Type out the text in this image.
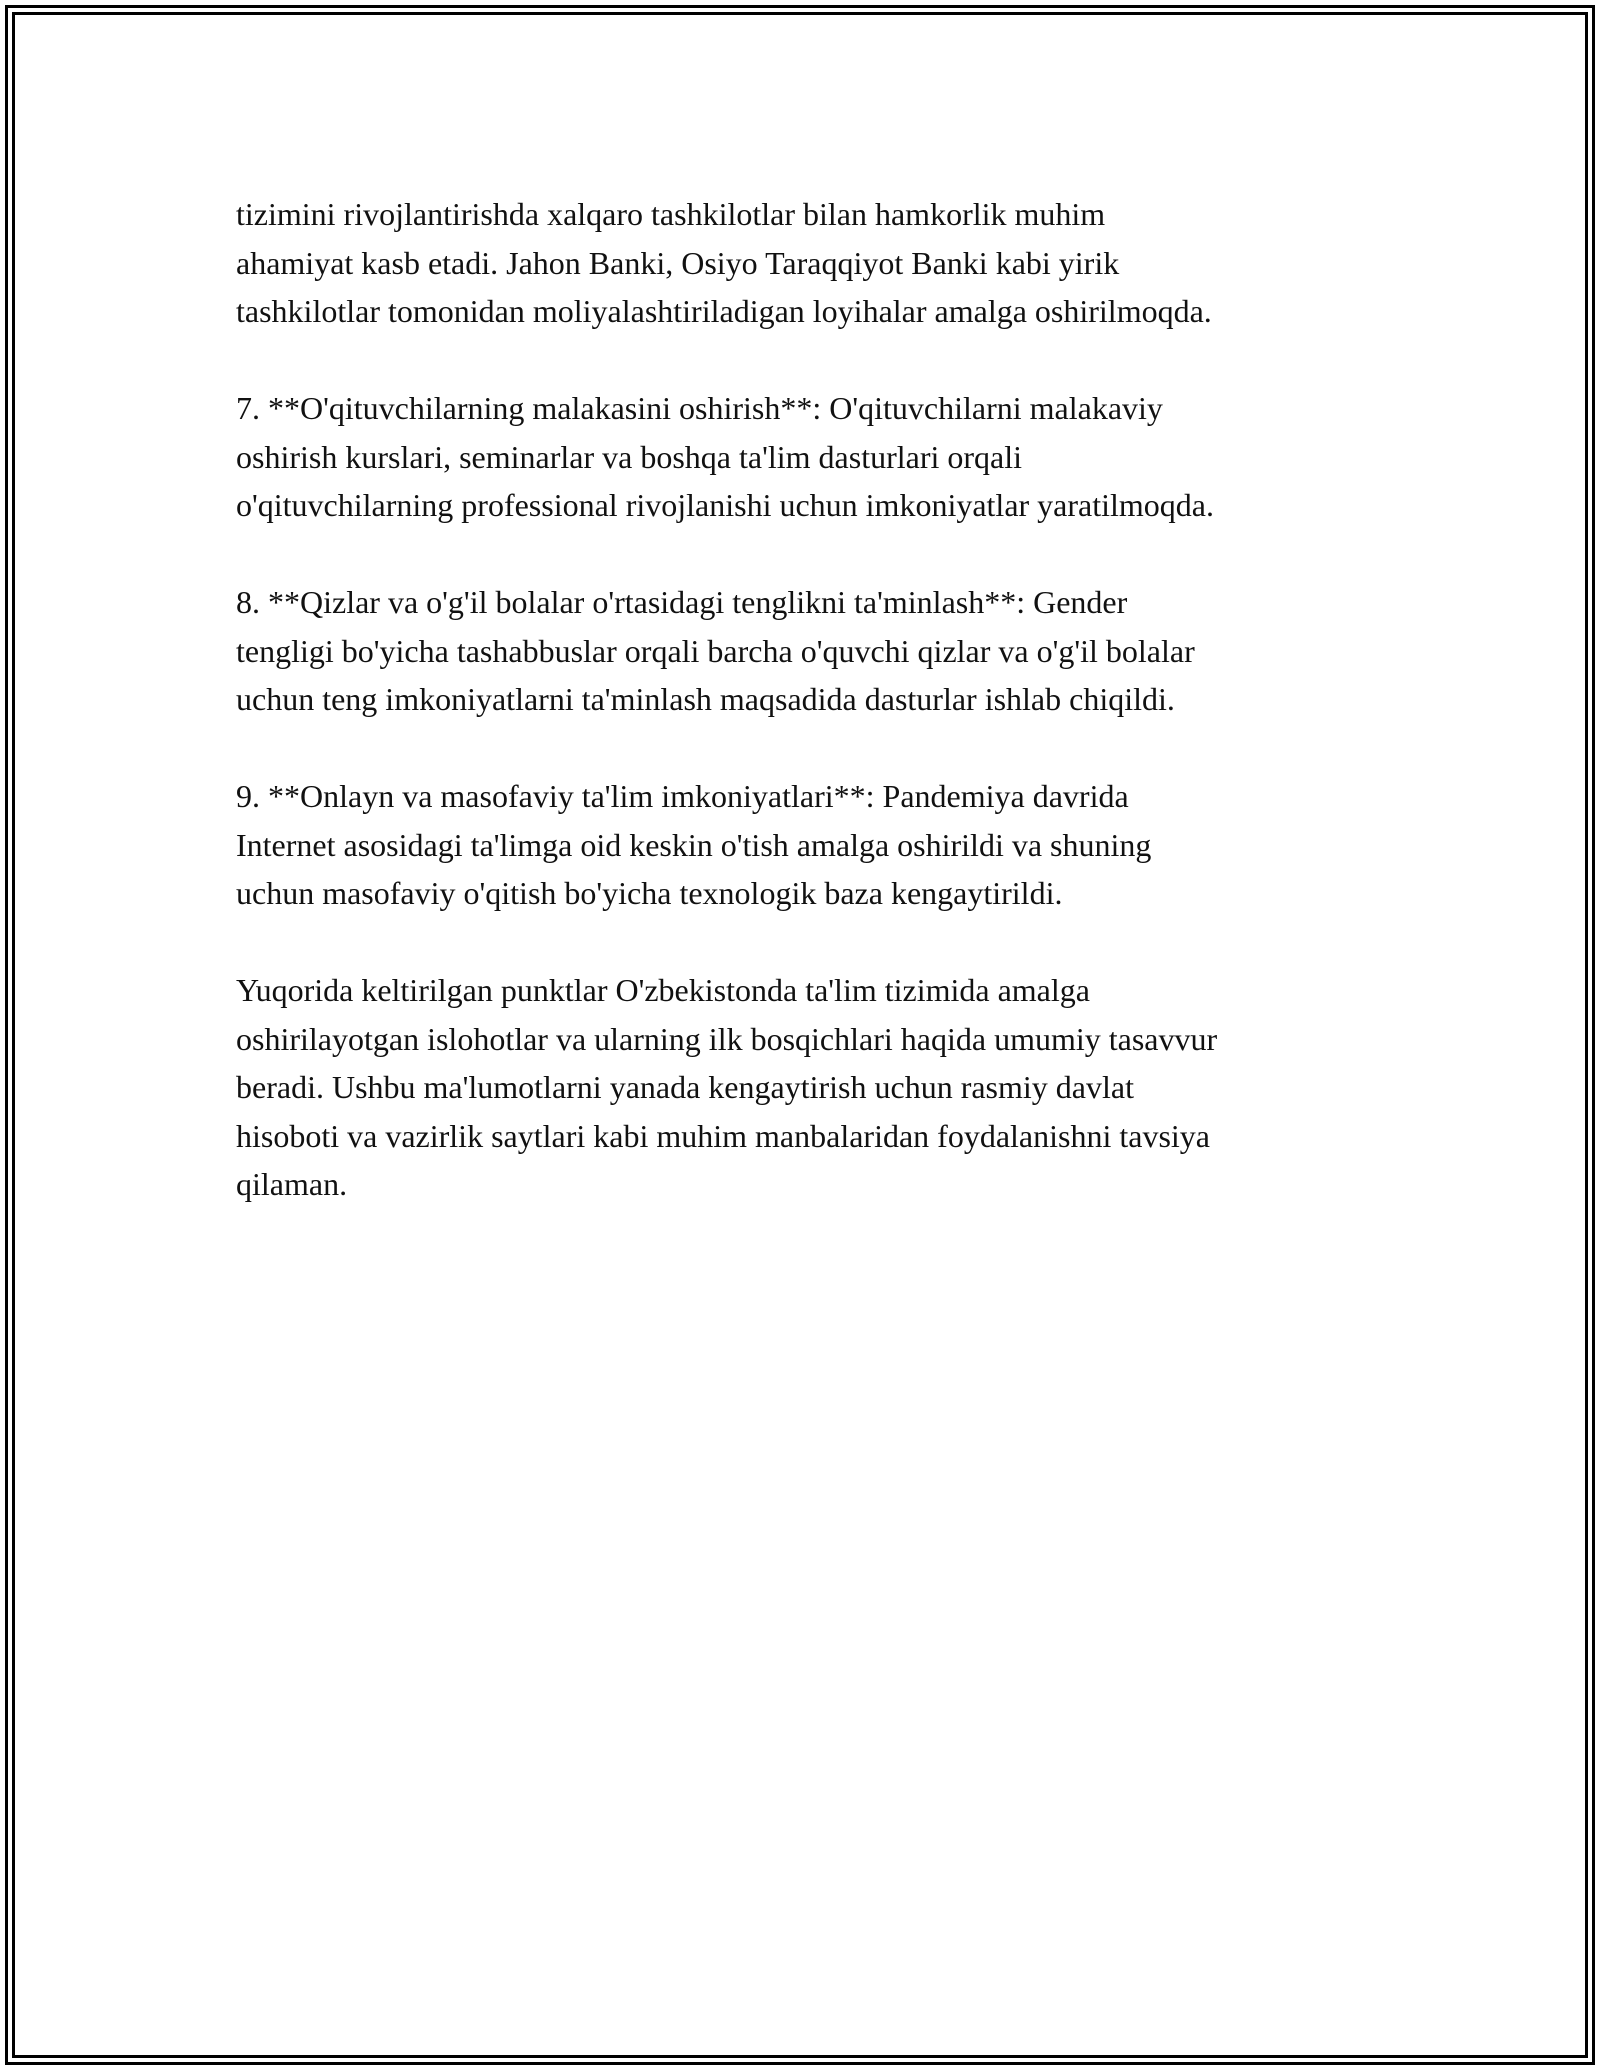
tizimini rivojlantirishda xalqaro tashkilotlar bilan hamkorlik muhim
ahamiyat kasb etadi. Jahon Banki, Osiyo Taraqqiyot Banki kabi yirik
tashkilotlar tomonidan moliyalashtiriladigan loyihalar amalga oshirilmoqda.

7. **O'qituvchilarning malakasini oshirish**: O'qituvchilarni malakaviy
oshirish kurslari, seminarlar va boshqa ta'lim dasturlari orqali
o'qituvchilarning professional rivojlanishi uchun imkoniyatlar yaratilmoqda.

8. **Qizlar va o'g'il bolalar o'rtasidagi tenglikni ta'minlash**: Gender
tengligi bo'yicha tashabbuslar orqali barcha o'quvchi qizlar va o'g'il bolalar
uchun teng imkoniyatlarni ta'minlash maqsadida dasturlar ishlab chiqildi.

9. **Onlayn va masofaviy ta'lim imkoniyatlari**: Pandemiya davrida
Internet asosidagi ta'limga oid keskin o'tish amalga oshirildi va shuning
uchun masofaviy o'qitish bo'yicha texnologik baza kengaytirildi.

Yuqorida keltirilgan punktlar O'zbekistonda ta'lim tizimida amalga
oshirilayotgan islohotlar va ularning ilk bosqichlari haqida umumiy tasavvur
beradi. Ushbu ma'lumotlarni yanada kengaytirish uchun rasmiy davlat
hisoboti va vazirlik saytlari kabi muhim manbalaridan foydalanishni tavsiya
qilaman.
